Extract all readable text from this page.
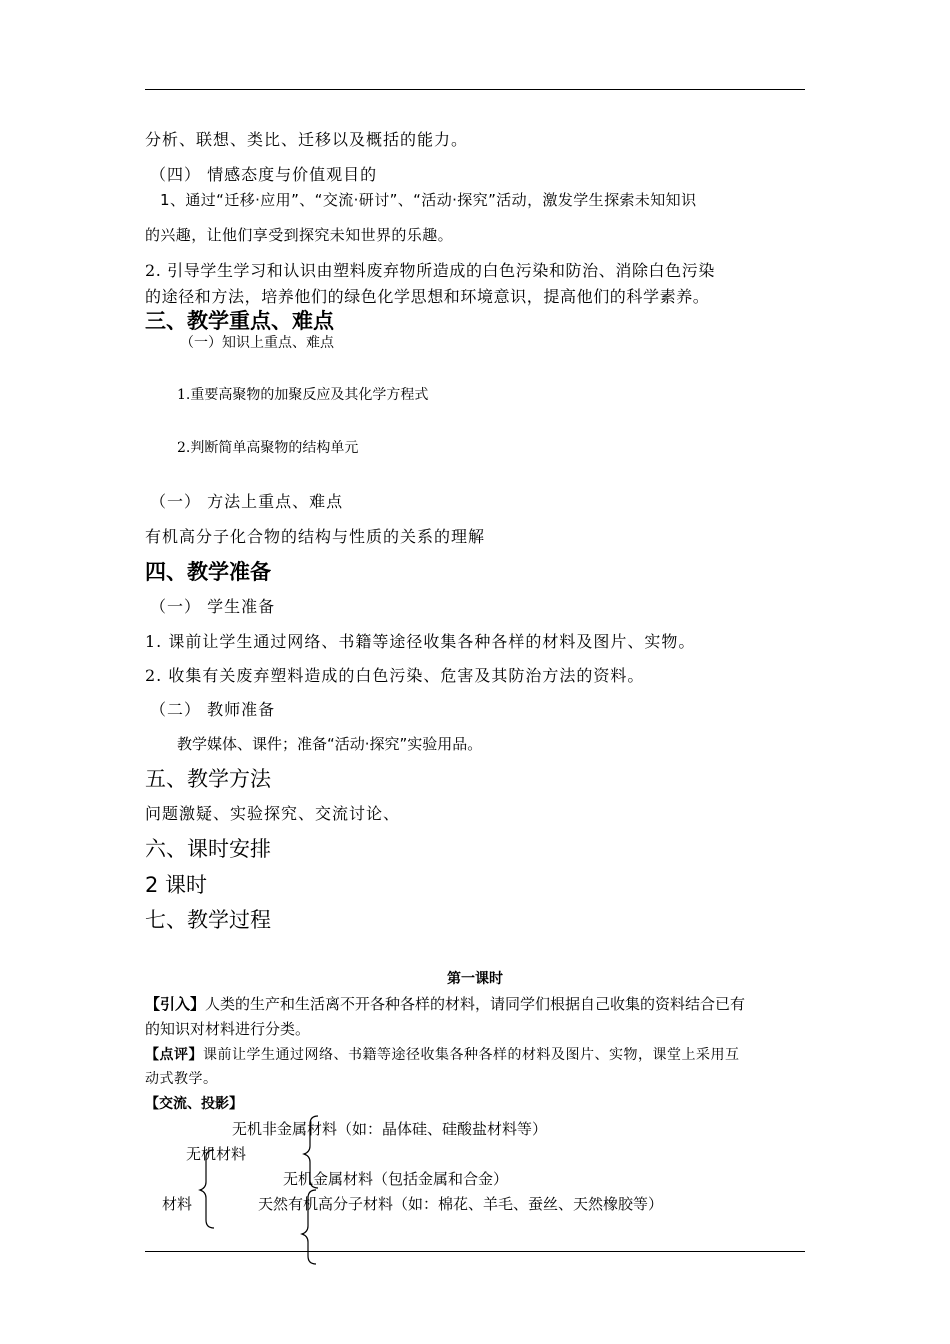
分析、联想、类比、迁移以及概括的能力。
（四） 情感态度与价值观目的
1、通过“迁移·应用”、“交流·研讨”、“活动·探究”活动，激发学生探索未知知识
的兴趣，让他们享受到探究未知世界的乐趣。
2. 引导学生学习和认识由塑料废弃物所造成的白色污染和防治、消除白色污染
的途径和方法，培养他们的绿色化学思想和环境意识，提高他们的科学素养。
三、教学重点、难点
（一）知识上重点、难点
1.重要高聚物的加聚反应及其化学方程式
2.判断简单高聚物的结构单元
（一） 方法上重点、难点
有机高分子化合物的结构与性质的关系的理解
四、教学准备
（一） 学生准备
1. 课前让学生通过网络、书籍等途径收集各种各样的材料及图片、实物。
2. 收集有关废弃塑料造成的白色污染、危害及其防治方法的资料。
（二） 教师准备
教学媒体、课件；准备“活动·探究”实验用品。
五、教学方法
问题激疑、实验探究、交流讨论、
六、课时安排
2 课时
七、教学过程
第一课时
【引入】人类的生产和生活离不开各种各样的材料，请同学们根据自己收集的资料结合已有
的知识对材料进行分类。
【点评】课前让学生通过网络、书籍等途径收集各种各样的材料及图片、实物，课堂上采用互
动式教学。
【交流、投影】
无机非金属材料（如：晶体硅、硅酸盐材料等）
无机材料
无机金属材料（包括金属和合金）
材料	天然有机高分子材料（如：棉花、羊毛、蚕丝、天然橡胶等）
